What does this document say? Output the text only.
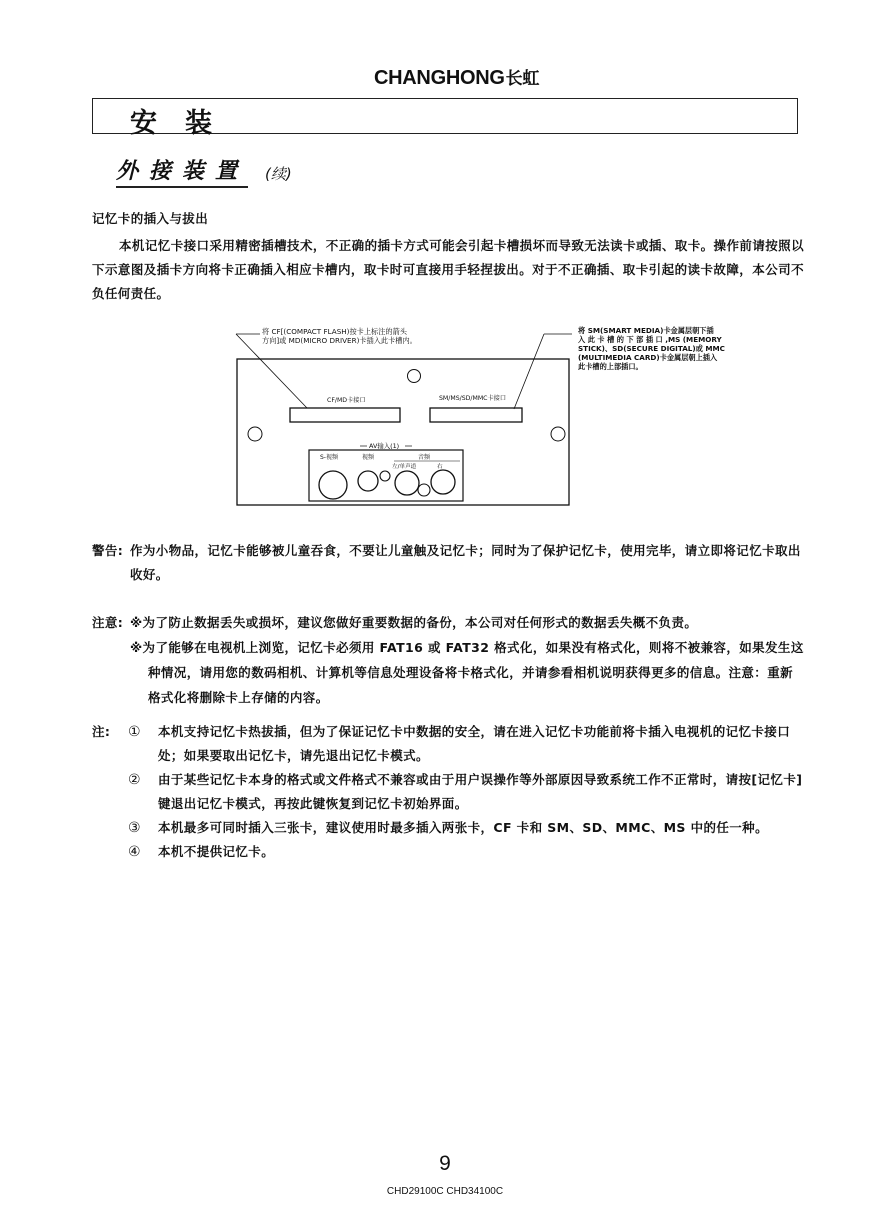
CHANGHONG长虹
安装
外接装置 (续)
记忆卡的插入与拔出
本机记忆卡接口采用精密插槽技术，不正确的插卡方式可能会引起卡槽损坏而导致无法读卡或插、取卡。操作前请按照以下示意图及插卡方向将卡正确插入相应卡槽内，取卡时可直接用手轻捏拔出。对于不正确插、取卡引起的读卡故障，本公司不负任何责任。
将 CF[(COMPACT FLASH)按卡上标注的箭头
方向]或 MD(MICRO DRIVER)卡插入此卡槽内。
CF/MD卡接口	SM/MS/SD/MMC卡接口
AV输入(1)
S-视频	视频	音频
左/单声道	右
将 SM(SMART MEDIA)卡金属层朝下插
入 此 卡 槽 的 下 部 插 口 ,MS (MEMORY
STICK)、SD(SECURE DIGITAL)或 MMC
(MULTIMEDIA CARD)卡金属层朝上插入
此卡槽的上部插口。
警告: 作为小物品，记忆卡能够被儿童吞食，不要让儿童触及记忆卡；同时为了保护记忆卡，使用完毕，请立即将记忆卡取出收好。
注意: ※为了防止数据丢失或损坏，建议您做好重要数据的备份，本公司对任何形式的数据丢失概不负责。
※为了能够在电视机上浏览，记忆卡必须用 FAT16 或 FAT32 格式化，如果没有格式化，则将不被兼容，如果发生这种情况，请用您的数码相机、计算机等信息处理设备将卡格式化，并请参看相机说明获得更多的信息。注意：重新格式化将删除卡上存储的内容。
注: ①	本机支持记忆卡热拔插，但为了保证记忆卡中数据的安全，请在进入记忆卡功能前将卡插入电视机的记忆卡接口处；如果要取出记忆卡，请先退出记忆卡模式。
②	由于某些记忆卡本身的格式或文件格式不兼容或由于用户误操作等外部原因导致系统工作不正常时，请按[记忆卡]键退出记忆卡模式，再按此键恢复到记忆卡初始界面。
③	本机最多可同时插入三张卡，建议使用时最多插入两张卡，CF 卡和 SM、SD、MMC、MS 中的任一种。
④	本机不提供记忆卡。
9
CHD29100C CHD34100C
